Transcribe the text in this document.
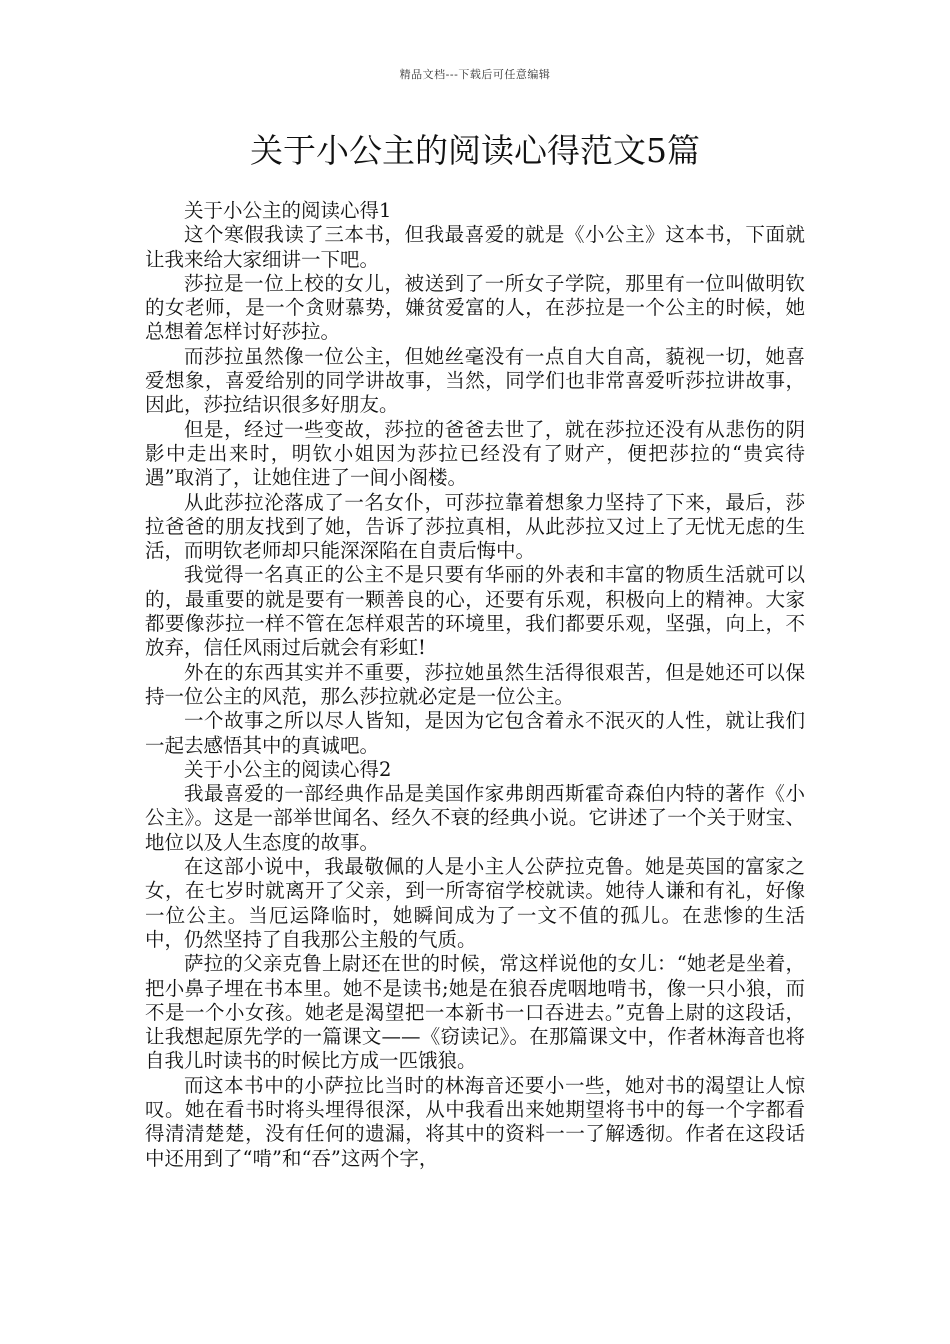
精品文档---下载后可任意编辑
关于小公主的阅读心得范文5篇

关于小公主的阅读心得1

这个寒假我读了三本书，但我最喜爱的就是《小公主》这本书，下面就让我来给大家细讲一下吧。

莎拉是一位上校的女儿，被送到了一所女子学院，那里有一位叫做明钦的女老师，是一个贪财慕势，嫌贫爱富的人，在莎拉是一个公主的时候，她总想着怎样讨好莎拉。

而莎拉虽然像一位公主，但她丝毫没有一点自大自高，藐视一切，她喜爱想象，喜爱给别的同学讲故事，当然，同学们也非常喜爱听莎拉讲故事，因此，莎拉结识很多好朋友。

但是，经过一些变故，莎拉的爸爸去世了，就在莎拉还没有从悲伤的阴影中走出来时，明钦小姐因为莎拉已经没有了财产，便把莎拉的“贵宾待遇”取消了，让她住进了一间小阁楼。

从此莎拉沦落成了一名女仆，可莎拉靠着想象力坚持了下来，最后，莎拉爸爸的朋友找到了她，告诉了莎拉真相，从此莎拉又过上了无忧无虑的生活，而明钦老师却只能深深陷在自责后悔中。

我觉得一名真正的公主不是只要有华丽的外表和丰富的物质生活就可以的，最重要的就是要有一颗善良的心，还要有乐观，积极向上的精神。大家都要像莎拉一样不管在怎样艰苦的环境里，我们都要乐观，坚强，向上，不放弃，信任风雨过后就会有彩虹!

外在的东西其实并不重要，莎拉她虽然生活得很艰苦，但是她还可以保持一位公主的风范，那么莎拉就必定是一位公主。

一个故事之所以尽人皆知，是因为它包含着永不泯灭的人性，就让我们一起去感悟其中的真诚吧。

关于小公主的阅读心得2

我最喜爱的一部经典作品是美国作家弗朗西斯霍奇森伯内特的著作《小公主》。这是一部举世闻名、经久不衰的经典小说。它讲述了一个关于财宝、地位以及人生态度的故事。

在这部小说中，我最敬佩的人是小主人公萨拉克鲁。她是英国的富家之女，在七岁时就离开了父亲，到一所寄宿学校就读。她待人谦和有礼，好像一位公主。当厄运降临时，她瞬间成为了一文不值的孤儿。在悲惨的生活中，仍然坚持了自我那公主般的气质。

萨拉的父亲克鲁上尉还在世的时候，常这样说他的女儿：“她老是坐着，把小鼻子埋在书本里。她不是读书;她是在狼吞虎咽地啃书，像一只小狼，而不是一个小女孩。她老是渴望把一本新书一口吞进去。”克鲁上尉的这段话，让我想起原先学的一篇课文——《窃读记》。在那篇课文中，作者林海音也将自我儿时读书的时候比方成一匹饿狼。

而这本书中的小萨拉比当时的林海音还要小一些，她对书的渴望让人惊叹。她在看书时将头埋得很深，从中我看出来她期望将书中的每一个字都看得清清楚楚，没有任何的遗漏，将其中的资料一一了解透彻。作者在这段话中还用到了“啃”和“吞”这两个字，
